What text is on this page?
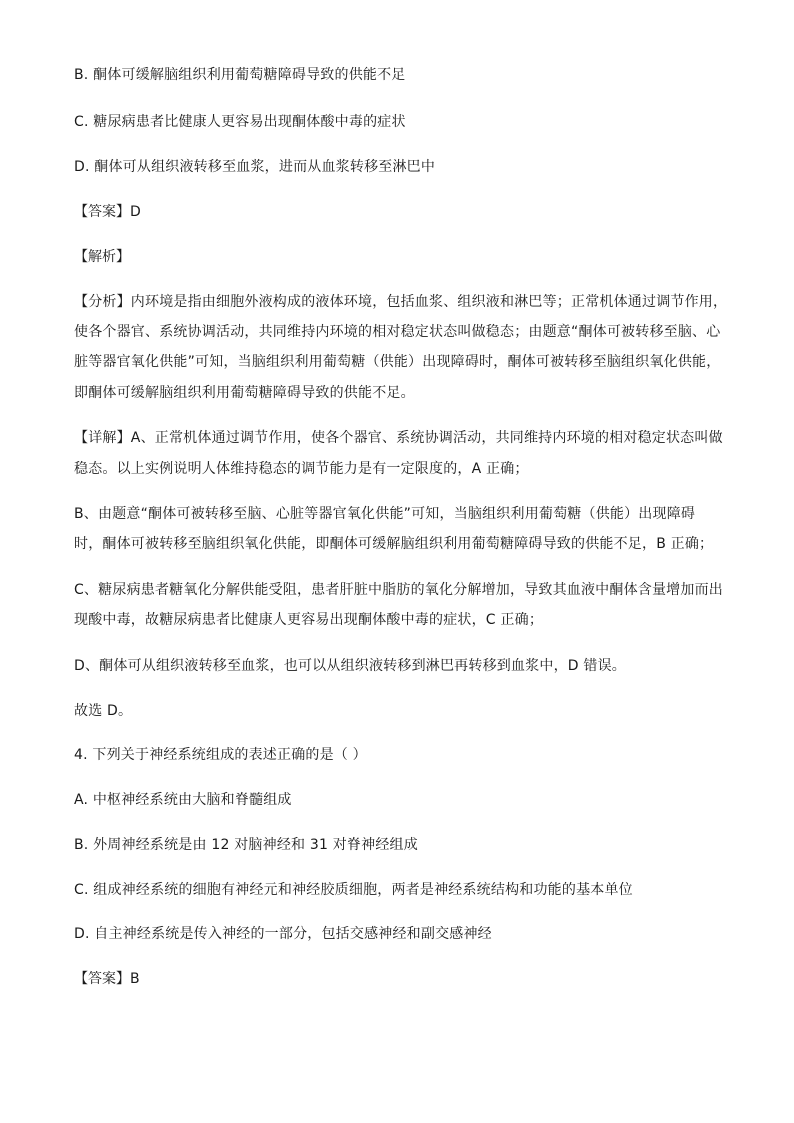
B. 酮体可缓解脑组织利用葡萄糖障碍导致的供能不足
C. 糖尿病患者比健康人更容易出现酮体酸中毒的症状
D. 酮体可从组织液转移至血浆，进而从血浆转移至淋巴中
【答案】D
【解析】
【分析】内环境是指由细胞外液构成的液体环境，包括血浆、组织液和淋巴等；正常机体通过调节作用，
使各个器官、系统协调活动，共同维持内环境的相对稳定状态叫做稳态；由题意“酮体可被转移至脑、心
脏等器官氧化供能”可知，当脑组织利用葡萄糖（供能）出现障碍时，酮体可被转移至脑组织氧化供能，
即酮体可缓解脑组织利用葡萄糖障碍导致的供能不足。
【详解】A、正常机体通过调节作用，使各个器官、系统协调活动，共同维持内环境的相对稳定状态叫做
稳态。以上实例说明人体维持稳态的调节能力是有一定限度的，A 正确；
B、由题意“酮体可被转移至脑、心脏等器官氧化供能”可知，当脑组织利用葡萄糖（供能）出现障碍
时，酮体可被转移至脑组织氧化供能，即酮体可缓解脑组织利用葡萄糖障碍导致的供能不足，B 正确；
C、糖尿病患者糖氧化分解供能受阻，患者肝脏中脂肪的氧化分解增加，导致其血液中酮体含量增加而出
现酸中毒，故糖尿病患者比健康人更容易出现酮体酸中毒的症状，C 正确；
D、酮体可从组织液转移至血浆，也可以从组织液转移到淋巴再转移到血浆中，D 错误。
故选 D。
4. 下列关于神经系统组成的表述正确的是（ ）
A. 中枢神经系统由大脑和脊髓组成
B. 外周神经系统是由 12 对脑神经和 31 对脊神经组成
C. 组成神经系统的细胞有神经元和神经胶质细胞，两者是神经系统结构和功能的基本单位
D. 自主神经系统是传入神经的一部分，包括交感神经和副交感神经
【答案】B
